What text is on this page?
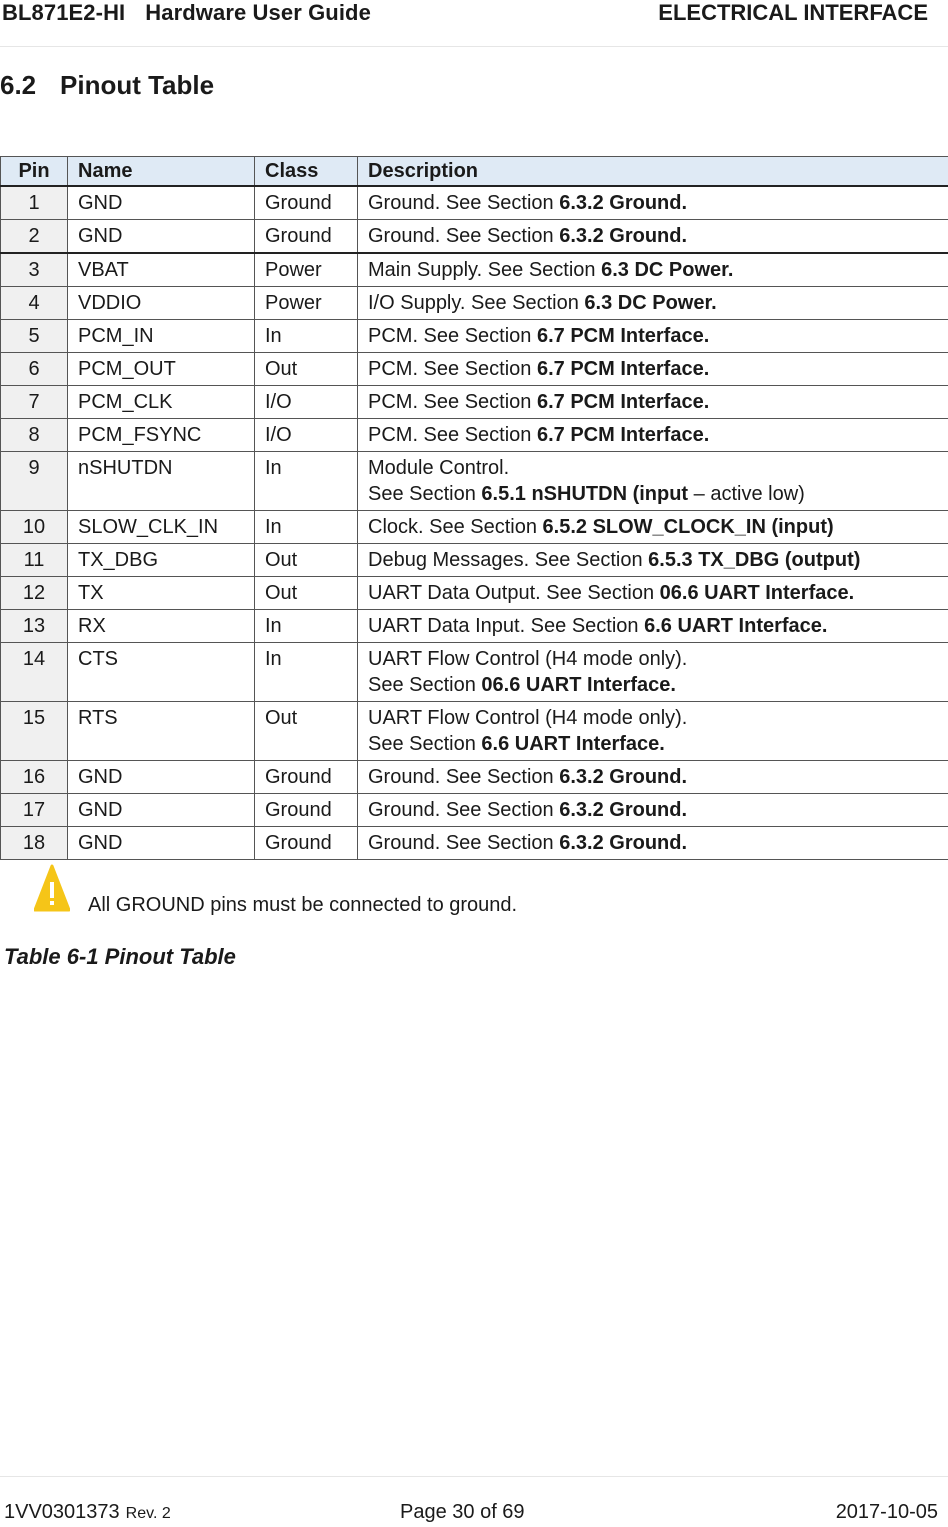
BL871E2-HI Hardware User Guide	ELECTRICAL INTERFACE
6.2 Pinout Table
Pin	Name	Class	Description
1	GND	Ground	Ground. See Section 6.3.2 Ground.

2	GND	Ground	Ground. See Section 6.3.2 Ground.

3	VBAT	Power	Main Supply. See Section 6.3 DC Power.

4	VDDIO	Power	I/O Supply. See Section 6.3 DC Power.

5	PCM_IN	In	PCM. See Section 6.7 PCM Interface.

6	PCM_OUT	Out	PCM. See Section 6.7 PCM Interface.

7	PCM_CLK	I/O	PCM. See Section 6.7 PCM Interface.

8	PCM_FSYNC	I/O	PCM. See Section 6.7 PCM Interface.

9	nSHUTDN	In	Module Control.
See Section 6.5.1 nSHUTDN (input – active low)

10	SLOW_CLK_IN	In	Clock. See Section 6.5.2 SLOW_CLOCK_IN (input)

11	TX_DBG	Out	Debug Messages. See Section 6.5.3 TX_DBG (output)

12	TX	Out	UART Data Output. See Section 06.6 UART Interface.

13	RX	In	UART Data Input. See Section 6.6 UART Interface.

14	CTS	In	UART Flow Control (H4 mode only).
See Section 06.6 UART Interface.

15	RTS	Out	UART Flow Control (H4 mode only).
See Section 6.6 UART Interface.

16	GND	Ground	Ground. See Section 6.3.2 Ground.

17	GND	Ground	Ground. See Section 6.3.2 Ground.

18	GND	Ground	Ground. See Section 6.3.2 Ground.
All GROUND pins must be connected to ground.
Table 6-1 Pinout Table
1VV0301373 Rev. 2	Page 30 of 69	2017-10-05
